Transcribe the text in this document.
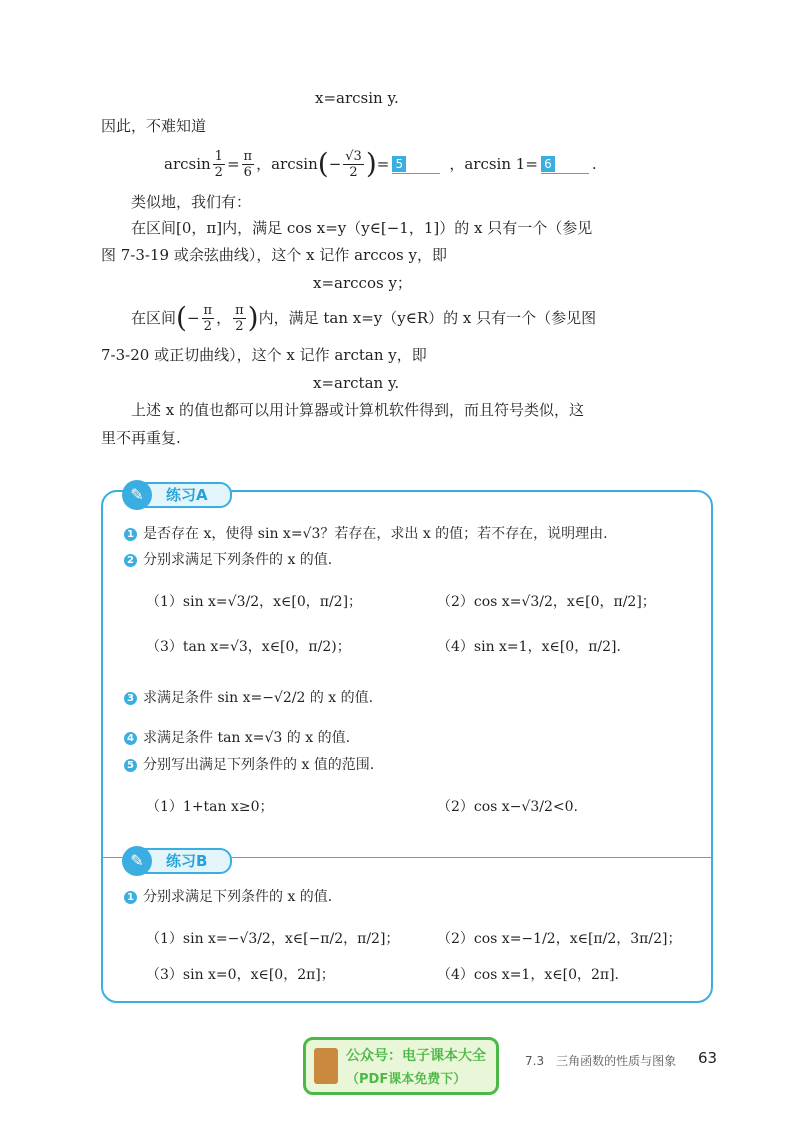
x=arcsin y.
因此，不难知道
$\arcsin \frac{1}{2} = \frac{\pi}{6}$ ，arcsin ( − $\frac{√3}{2}$ ) = 5	，arcsin 1= 6	.
类似地，我们有：
在区间[0，π]内，满足 cos x=y（y∈[−1，1]）的 x 只有一个（参见
图 7-3-19 或余弦曲线），这个 x 记作 arccos y，即
x=arccos y；
在区间 ( − $\frac{\pi}{2}$ ， $\frac{\pi}{2}$ ) 内，满足 tan x=y（y∈R）的 x 只有一个（参见图
7-3-20 或正切曲线），这个 x 记作 arctan y，即
x=arctan y.
上述 x 的值也都可以用计算器或计算机软件得到，而且符号类似，这
里不再重复.
✎	练习A
1 是否存在 x，使得 sin x=√3？若存在，求出 x 的值；若不存在，说明理由.
2 分别求满足下列条件的 x 的值.
（1）sin x=√3/2，x∈[0，π/2]；	（2）cos x=√3/2，x∈[0，π/2]；
（3）tan x=√3，x∈[0，π/2)；	（4）sin x=1，x∈[0，π/2].
3 求满足条件 sin x=−√2/2 的 x 的值.
4 求满足条件 tan x=√3 的 x 的值.
5 分别写出满足下列条件的 x 值的范围.
（1）1+tan x≥0；	（2）cos x−√3/2<0.
✎	练习B
1 分别求满足下列条件的 x 的值.
（1）sin x=−√3/2，x∈[−π/2，π/2]；	（2）cos x=−1/2，x∈[π/2，3π/2]；
（3）sin x=0，x∈[0，2π]；	（4）cos x=1，x∈[0，2π].
公众号：电子课本大全
（PDF课本免费下）
7.3　三角函数的性质与图象 63
